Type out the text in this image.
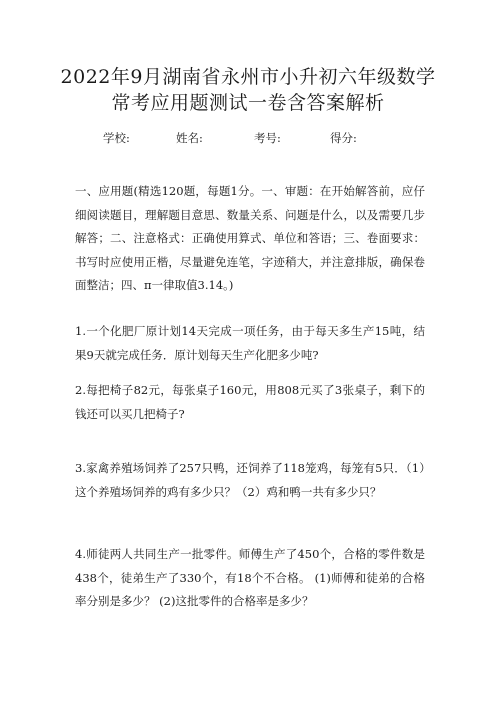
2022年9月湖南省永州市小升初六年级数学
常考应用题测试一卷含答案解析
学校:	姓名:	考号:	得分:

一、应用题(精选120题，每题1分。一、审题：在开始解答前，应仔细阅读题目，理解题目意思、数量关系、问题是什么，以及需要几步解答；二、注意格式：正确使用算式、单位和答语；三、卷面要求：书写时应使用正楷，尽量避免连笔，字迹稍大，并注意排版，确保卷面整洁；四、π一律取值3.14。)

1.一个化肥厂原计划14天完成一项任务，由于每天多生产15吨，结果9天就完成任务．原计划每天生产化肥多少吨?

2.每把椅子82元，每张桌子160元，用808元买了3张桌子，剩下的钱还可以买几把椅子?

3.家禽养殖场饲养了257只鸭，还饲养了118笼鸡，每笼有5只．（1）这个养殖场饲养的鸡有多少只？（2）鸡和鸭一共有多少只？

4.师徒两人共同生产一批零件。师傅生产了450个，合格的零件数是438个，徒弟生产了330个，有18个不合格。 (1)师傅和徒弟的合格率分别是多少？ (2)这批零件的合格率是多少？
